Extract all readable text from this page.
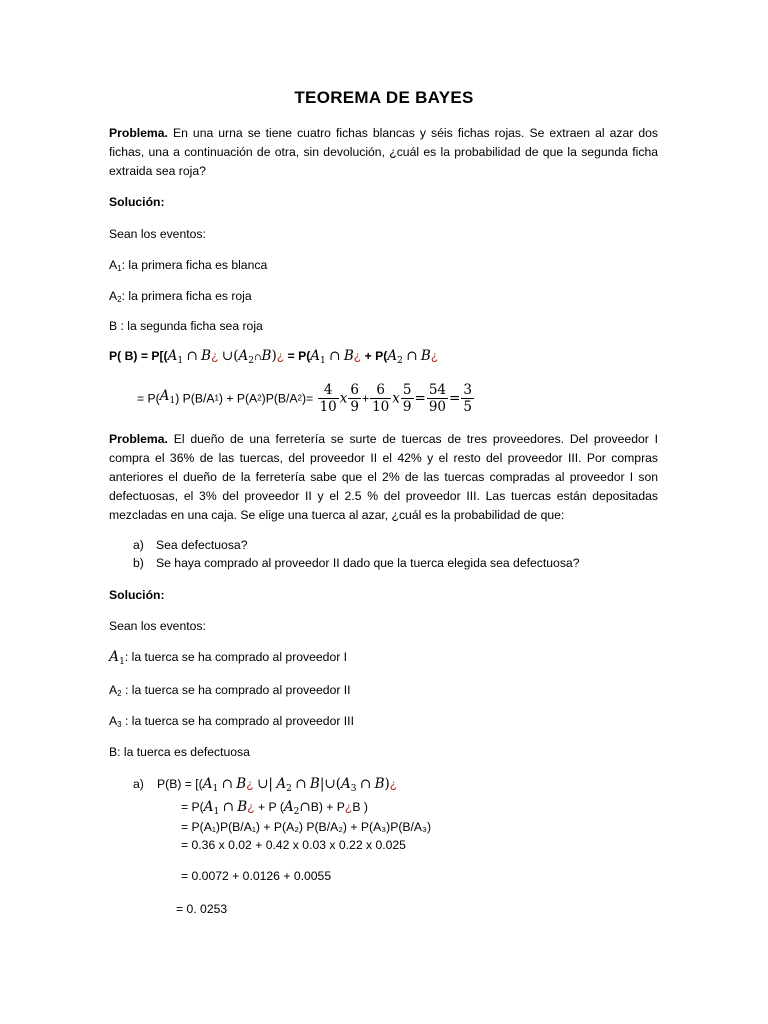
TEOREMA DE BAYES
Problema. En una urna se tiene cuatro fichas blancas y séis fichas rojas. Se extraen al azar dos fichas, una a continuación de otra, sin devolución, ¿cuál es la probabilidad de que la segunda ficha extraida sea roja?
Solución:
Sean los eventos:
$A_1$: la primera ficha es blanca
$A_2$: la primera ficha es roja
B : la segunda ficha sea roja
P( $B) = P[(A_1$ ∩ B¿ $\cup(A_2\cap B)¿ = P(A_1$ ∩ B¿ + $P(A_2$ ∩ B¿
= $P(A_1) P(B/A1) + P(A2)P(B/A2)= \frac{4}{10}$ x $\frac{6}{9} + \frac{6}{10}$ x $\frac{5}{9} = \frac{54}{90} = \frac{3}{5}$
Problema. El dueño de una ferretería se surte de tuercas de tres proveedores. Del proveedor I compra el 36% de las tuercas, del proveedor II el 42% y el resto del proveedor III. Por compras anteriores el dueño de la ferretería sabe que el 2% de las tuercas compradas al proveedor I son defectuosas, el 3% del proveedor II y el 2.5 % del proveedor III. Las tuercas están depositadas mezcladas en una caja. Se elige una tuerca al azar, ¿cuál es la probabilidad de que:
a) Sea defectuosa?
b) Se haya comprado al proveedor II dado que la tuerca elegida sea defectuosa?
Solución:
Sean los eventos:
$A_1$: la tuerca se ha comprado al proveedor I
$A_2$ : la tuerca se ha comprado al proveedor II
$A_3$ : la tuerca se ha comprado al proveedor III
B: la tuerca es defectuosa
a) $P(B) = [(A_1$ ∩ B¿ ∪| $A_2$ ∩ $B|\cup(A_3$ ∩ B)¿
= $P(A_1$ ∩ B¿ + P $(A_2\cap B)$ + P¿B )
= P(A₁)P(B/A₁) + P(A₂) P(B/A₂) + P(A₃)P(B/A₃)
= 0.36 x 0.02 + 0.42 x 0.03 x 0.22 x 0.025
= 0.0072 + 0.0126 + 0.0055
= 0. 0253
